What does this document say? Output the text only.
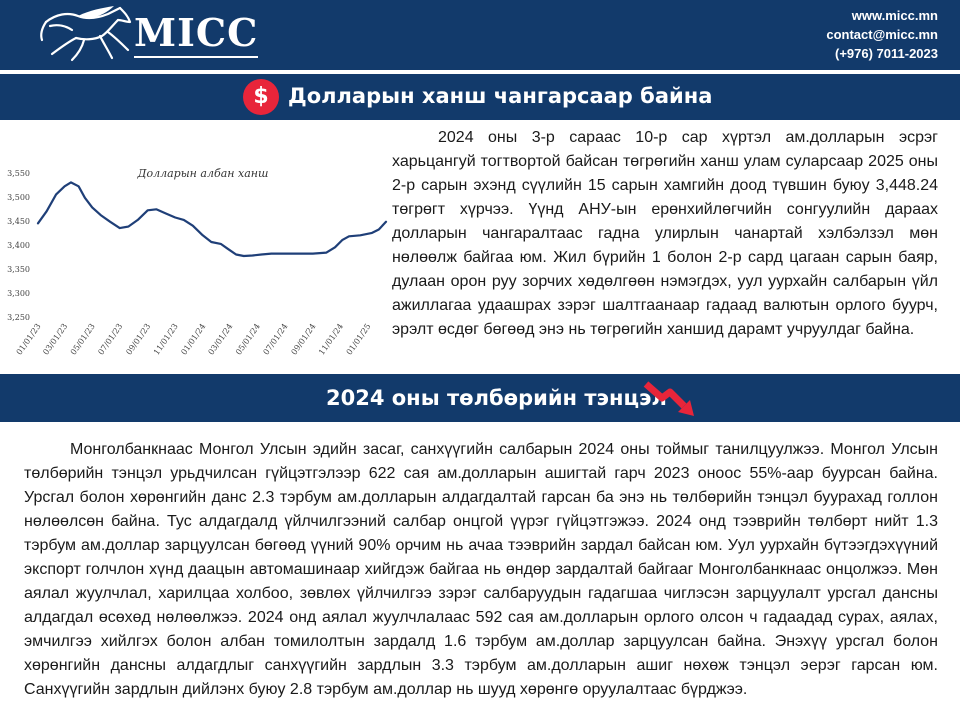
MICC	www.micc.mn
contact@micc.mn
(+976) 7011-2023
$ Долларын ханш чангарсаар байна
3,250
3,300
3,350
3,400
3,450
3,500
3,550
01/01/23
03/01/23 05/01/23 07/01/23 09/01/23 11/01/23 01/01/24 03/01/24 05/01/24 07/01/24 09/01/24 11/01/24 01/01/25
Долларын албан ханш
2024 оны 3-р сараас 10-р сар хүртэл ам.долларын эсрэг харьцангуй тогтвортой байсан төгрөгийн ханш улам суларсаар 2025 оны 2-р сарын эхэнд сүүлийн 15 сарын хамгийн доод түвшин буюу 3,448.24 төгрөгт хүрчээ. Үүнд АНУ-ын ерөнхийлөгчийн сонгуулийн дараах долларын чангаралтаас гадна улирлын чанартай хэлбэлзэл мөн нөлөөлж байгаа юм. Жил бүрийн 1 болон 2-р сард цагаан сарын баяр, дулаан орон руу зорчих хөдөлгөөн нэмэгдэх, уул уурхайн салбарын үйл ажиллагаа удаашрах зэрэг шалтгаанаар гадаад валютын орлого буурч, эрэлт өсдөг бөгөөд энэ нь төгрөгийн ханшид дарамт учруулдаг байна.
2024 оны төлбөрийн тэнцэл
Монголбанкнаас Монгол Улсын эдийн засаг, санхүүгийн салбарын 2024 оны тоймыг танилцуулжээ. Монгол Улсын төлбөрийн тэнцэл урьдчилсан гүйцэтгэлээр 622 сая ам.долларын ашигтай гарч 2023 оноос 55%-аар буурсан байна. Урсгал болон хөрөнгийн данс 2.3 тэрбум ам.долларын алдагдалтай гарсан ба энэ нь төлбөрийн тэнцэл буурахад голлон нөлөөлсөн байна. Тус алдагдалд үйлчилгээний салбар онцгой үүрэг гүйцэтгэжээ. 2024 онд тээврийн төлбөрт нийт 1.3 тэрбум ам.доллар зарцуулсан бөгөөд үүний 90% орчим нь ачаа тээврийн зардал байсан юм. Уул уурхайн бүтээгдэхүүний экспорт голчлон хүнд даацын автомашинаар хийгдэж байгаа нь өндөр зардалтай байгааг Монголбанкнаас онцолжээ. Мөн аялал жуулчлал, харилцаа холбоо, зөвлөх үйлчилгээ зэрэг салбаруудын гадагшаа чиглэсэн зарцуулалт урсгал дансны алдагдал өсөхөд нөлөөлжээ. 2024 онд аялал жуулчлалаас 592 сая ам.долларын орлого олсон ч гадаадад сурах, аялах, эмчилгээ хийлгэх болон албан томилолтын зардалд 1.6 тэрбум ам.доллар зарцуулсан байна. Энэхүү урсгал болон хөрөнгийн дансны алдагдлыг санхүүгийн зардлын 3.3 тэрбум ам.долларын ашиг нөхөж тэнцэл эерэг гарсан юм. Санхүүгийн зардлын дийлэнх буюу 2.8 тэрбум ам.доллар нь шууд хөрөнгө оруулалтаас бүрджээ.
